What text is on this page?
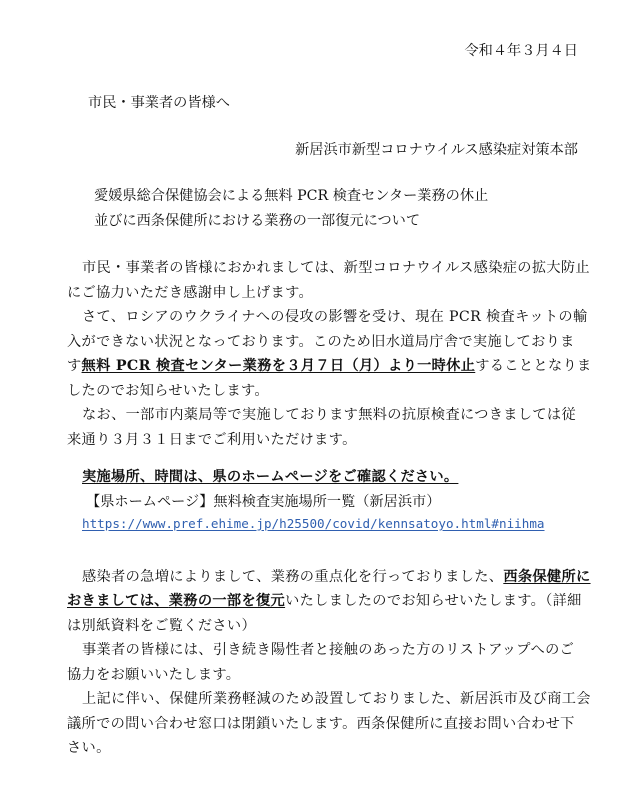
令和４年３月４日
市民・事業者の皆様へ
新居浜市新型コロナウイルス感染症対策本部
愛媛県総合保健協会による無料 PCR 検査センター業務の休止
並びに西条保健所における業務の一部復元について
市民・事業者の皆様におかれましては、新型コロナウイルス感染症の拡大防止
にご協力いただき感謝申し上げます。
さて、ロシアのウクライナへの侵攻の影響を受け、現在 PCR 検査キットの輸
入ができない状況となっております。このため旧水道局庁舎で実施しておりま
す無料 PCR 検査センター業務を３月７日（月）より一時休止することとなりま
したのでお知らせいたします。
なお、一部市内薬局等で実施しております無料の抗原検査につきましては従
来通り３月３１日までご利用いただけます。
実施場所、時間は、県のホームページをご確認ください。
【県ホームページ】無料検査実施場所一覧（新居浜市）
https://www.pref.ehime.jp/h25500/covid/kennsatoyo.html#niihma
感染者の急増によりまして、業務の重点化を行っておりました、西条保健所に
おきましては、業務の一部を復元いたしましたのでお知らせいたします。（詳細
は別紙資料をご覧ください）
事業者の皆様には、引き続き陽性者と接触のあった方のリストアップへのご
協力をお願いいたします。
上記に伴い、保健所業務軽減のため設置しておりました、新居浜市及び商工会
議所での問い合わせ窓口は閉鎖いたします。西条保健所に直接お問い合わせ下
さい。
